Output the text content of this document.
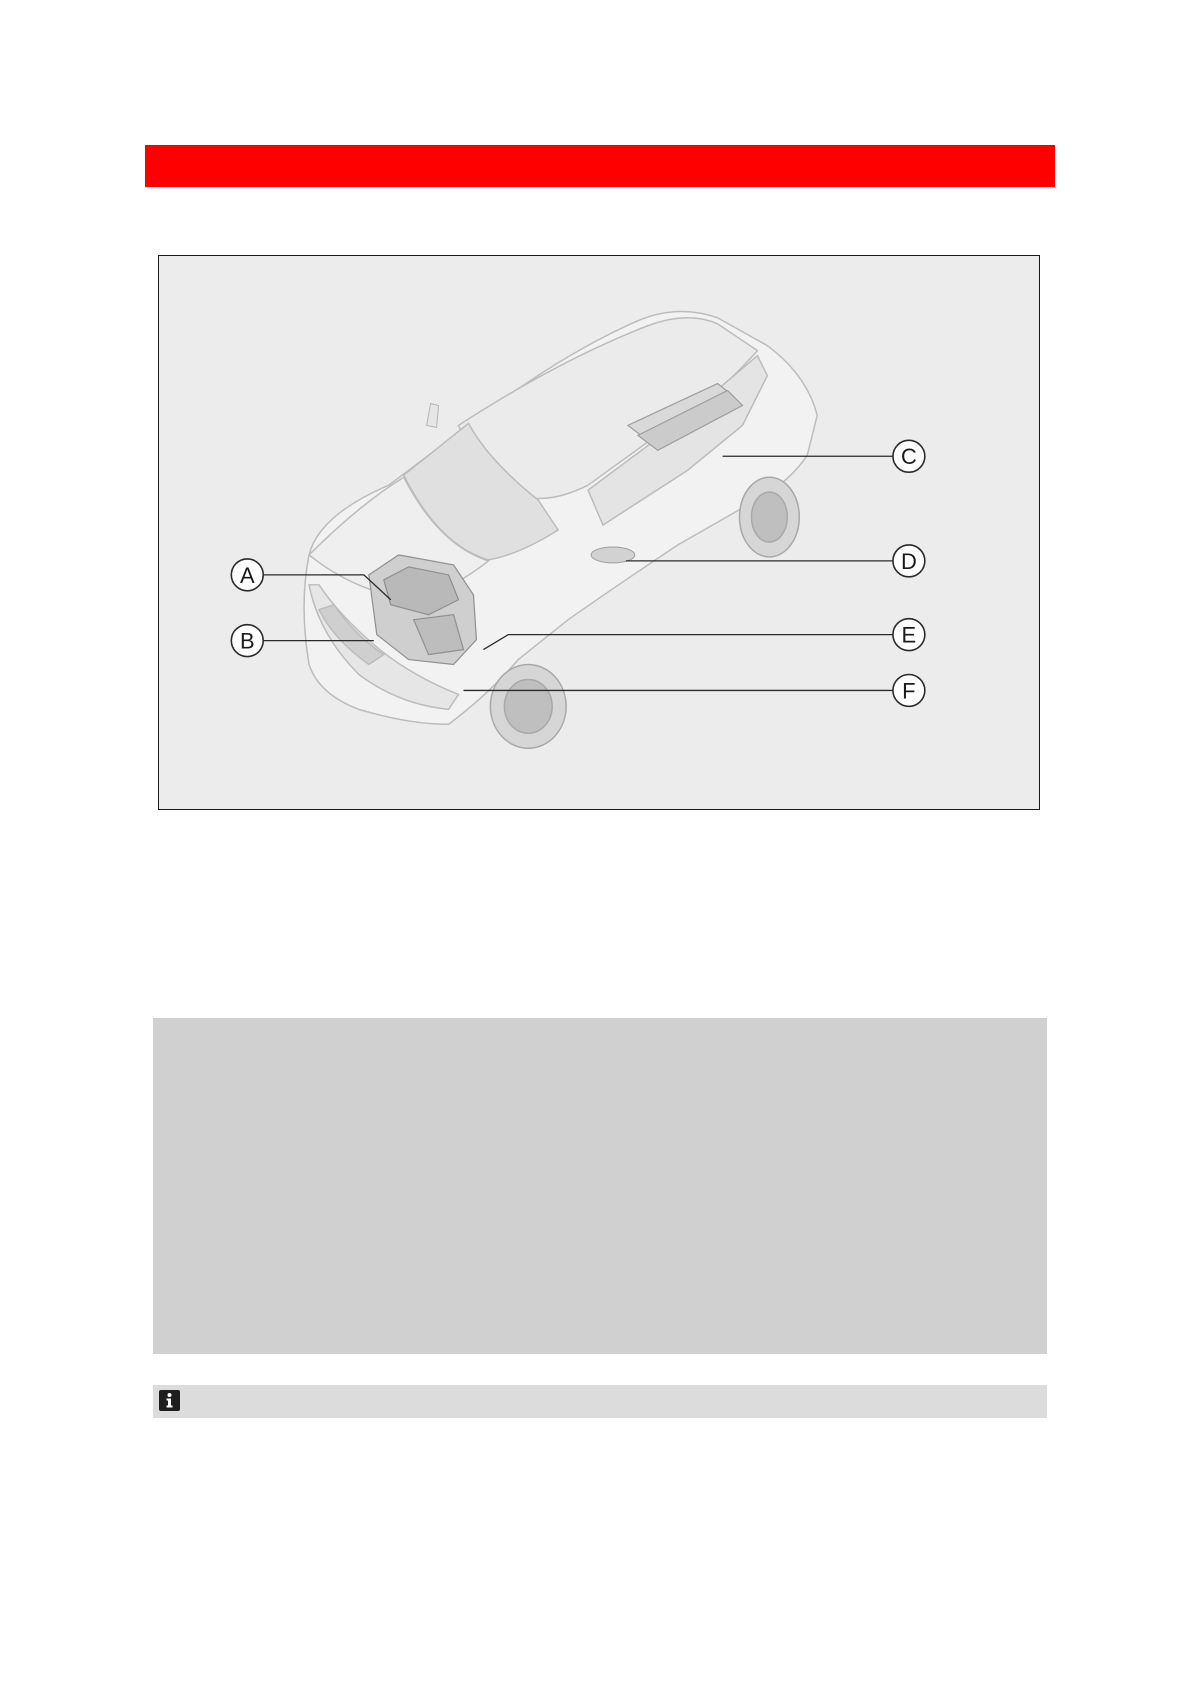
A
B
C
D
E
F
